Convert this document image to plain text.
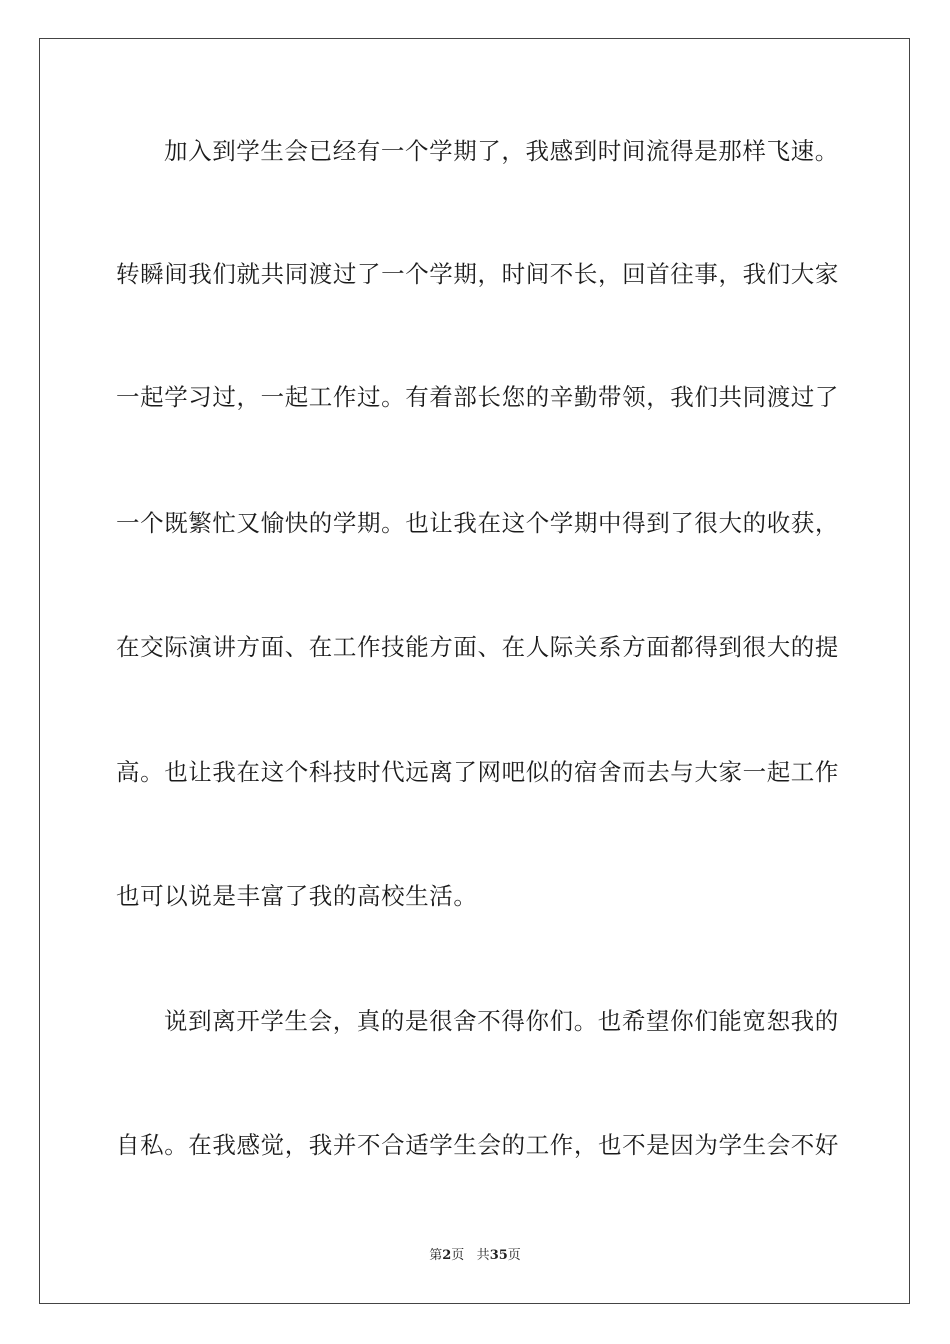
加入到学生会已经有一个学期了，我感到时间流得是那样飞速。
转瞬间我们就共同渡过了一个学期，时间不长，回首往事，我们大家
一起学习过，一起工作过。有着部长您的辛勤带领，我们共同渡过了
一个既繁忙又愉快的学期。也让我在这个学期中得到了很大的收获，
在交际演讲方面、在工作技能方面、在人际关系方面都得到很大的提
高。也让我在这个科技时代远离了网吧似的宿舍而去与大家一起工作
也可以说是丰富了我的高校生活。
说到离开学生会，真的是很舍不得你们。也希望你们能宽恕我的
自私。在我感觉，我并不合适学生会的工作，也不是因为学生会不好
第2页 共35页
